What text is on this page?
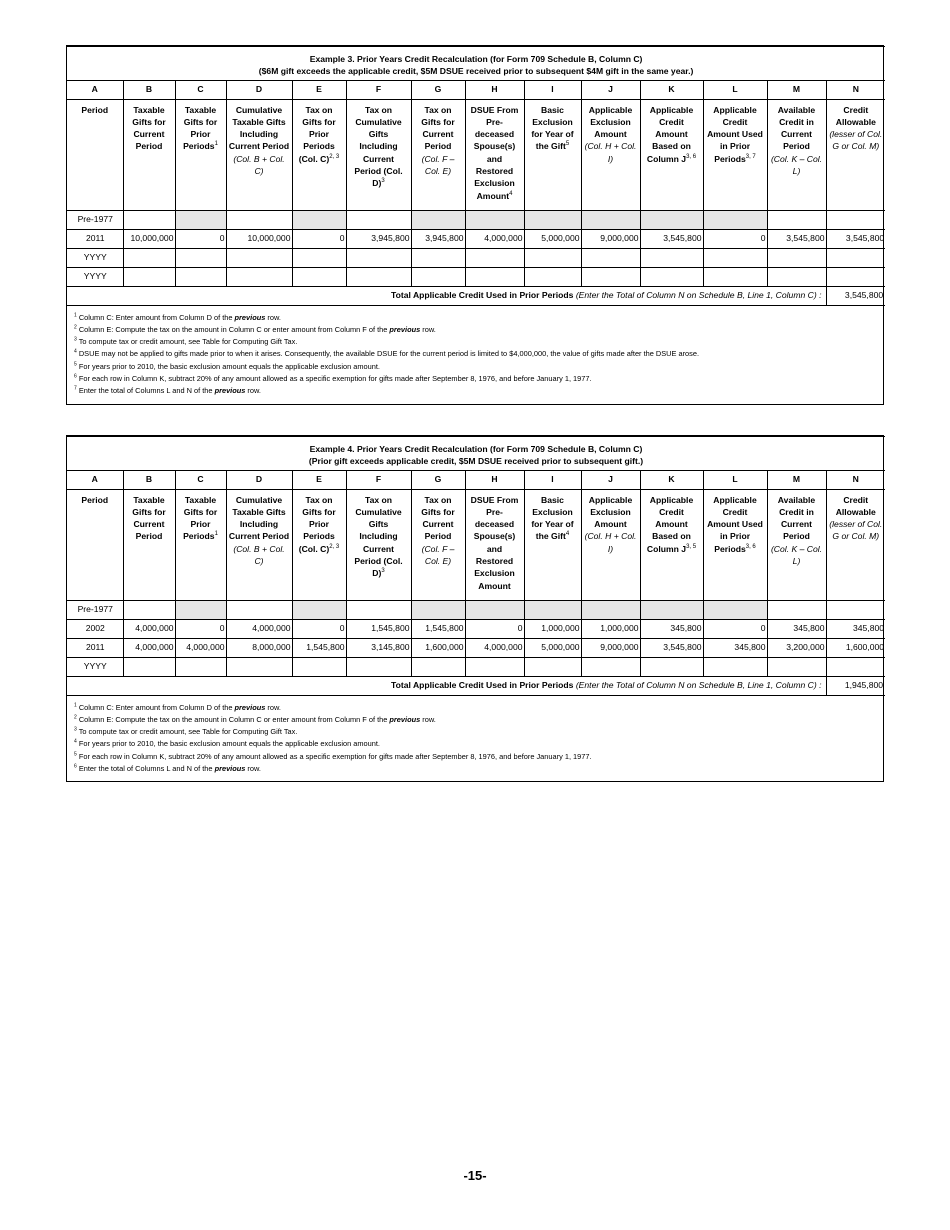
Example 3. Prior Years Credit Recalculation (for Form 709 Schedule B, Column C)
($6M gift exceeds the applicable credit, $5M DSUE received prior to subsequent $4M gift in the same year.)													

A	B	C	D	E	F	G	H	I	J	K	L	M	N
Period	Taxable Gifts for Current Period	Taxable Gifts for Prior Periods$^1$	Cumulative Taxable Gifts Including Current Period
(Col. B + Col. C)	Tax on Gifts for Prior Periods (Col. C)$^{2, 3}$	Tax on Cumulative Gifts Including Current Period (Col. D)$^3$	Tax on Gifts for Current Period
(Col. F – Col. E)	DSUE From Pre-deceased Spouse(s) and Restored Exclusion Amount$^4$	Basic Exclusion for Year of the Gift$^5$	Applicable Exclusion Amount
(Col. H + Col. I)	Applicable Credit Amount Based on Column J$^{3, 6}$	Applicable Credit Amount Used in Prior Periods$^{3, 7}$	Available Credit in Current Period
(Col. K – Col. L)	Credit Allowable
(lesser of Col. G or Col. M)
Pre-1977													
2011	10,000,000	0	10,000,000	0	3,945,800	3,945,800	4,000,000	5,000,000	9,000,000	3,545,800	0	3,545,800	3,545,800
YYYY													
YYYY													
Total Applicable Credit Used in Prior Periods (Enter the Total of Column N on Schedule B, Line 1, Column C) :													3,545,800
$^1$ Column C: Enter amount from Column D of the previous row.
$^2$ Column E: Compute the tax on the amount in Column C or enter amount from Column F of the previous row.
$^3$ To compute tax or credit amount, see Table for Computing Gift Tax.
$^4$ DSUE may not be applied to gifts made prior to when it arises. Consequently, the available DSUE for the current period is limited to $4,000,000, the value of gifts made after the DSUE arose.
$^5$ For years prior to 2010, the basic exclusion amount equals the applicable exclusion amount.
$^6$ For each row in Column K, subtract 20% of any amount allowed as a specific exemption for gifts made after September 8, 1976, and before January 1, 1977.
$^7$ Enter the total of Columns L and N of the previous row.
Example 4. Prior Years Credit Recalculation (for Form 709 Schedule B, Column C)
(Prior gift exceeds applicable credit, $5M DSUE received prior to subsequent gift.)													

A	B	C	D	E	F	G	H	I	J	K	L	M	N
Period	Taxable Gifts for Current Period	Taxable Gifts for Prior Periods$^1$	Cumulative Taxable Gifts Including Current Period
(Col. B + Col. C)	Tax on Gifts for Prior Periods (Col. C)$^{2, 3}$	Tax on Cumulative Gifts Including Current Period (Col. D)$^3$	Tax on Gifts for Current Period
(Col. F – Col. E)	DSUE From Pre-deceased Spouse(s) and Restored Exclusion Amount	Basic Exclusion for Year of the Gift$^4$	Applicable Exclusion Amount
(Col. H + Col. I)	Applicable Credit Amount Based on Column J$^{3, 5}$	Applicable Credit Amount Used in Prior Periods$^{3, 6}$	Available Credit in Current Period
(Col. K – Col. L)	Credit Allowable
(lesser of Col. G or Col. M)
Pre-1977													
2002	4,000,000	0	4,000,000	0	1,545,800	1,545,800	0	1,000,000	1,000,000	345,800	0	345,800	345,800
2011	4,000,000	4,000,000	8,000,000	1,545,800	3,145,800	1,600,000	4,000,000	5,000,000	9,000,000	3,545,800	345,800	3,200,000	1,600,000
YYYY													
Total Applicable Credit Used in Prior Periods (Enter the Total of Column N on Schedule B, Line 1, Column C) :													1,945,800
$^1$ Column C: Enter amount from Column D of the previous row.
$^2$ Column E: Compute the tax on the amount in Column C or enter amount from Column F of the previous row.
$^3$ To compute tax or credit amount, see Table for Computing Gift Tax.
$^4$ For years prior to 2010, the basic exclusion amount equals the applicable exclusion amount.
$^5$ For each row in Column K, subtract 20% of any amount allowed as a specific exemption for gifts made after September 8, 1976, and before January 1, 1977.
$^6$ Enter the total of Columns L and N of the previous row.
-15-
